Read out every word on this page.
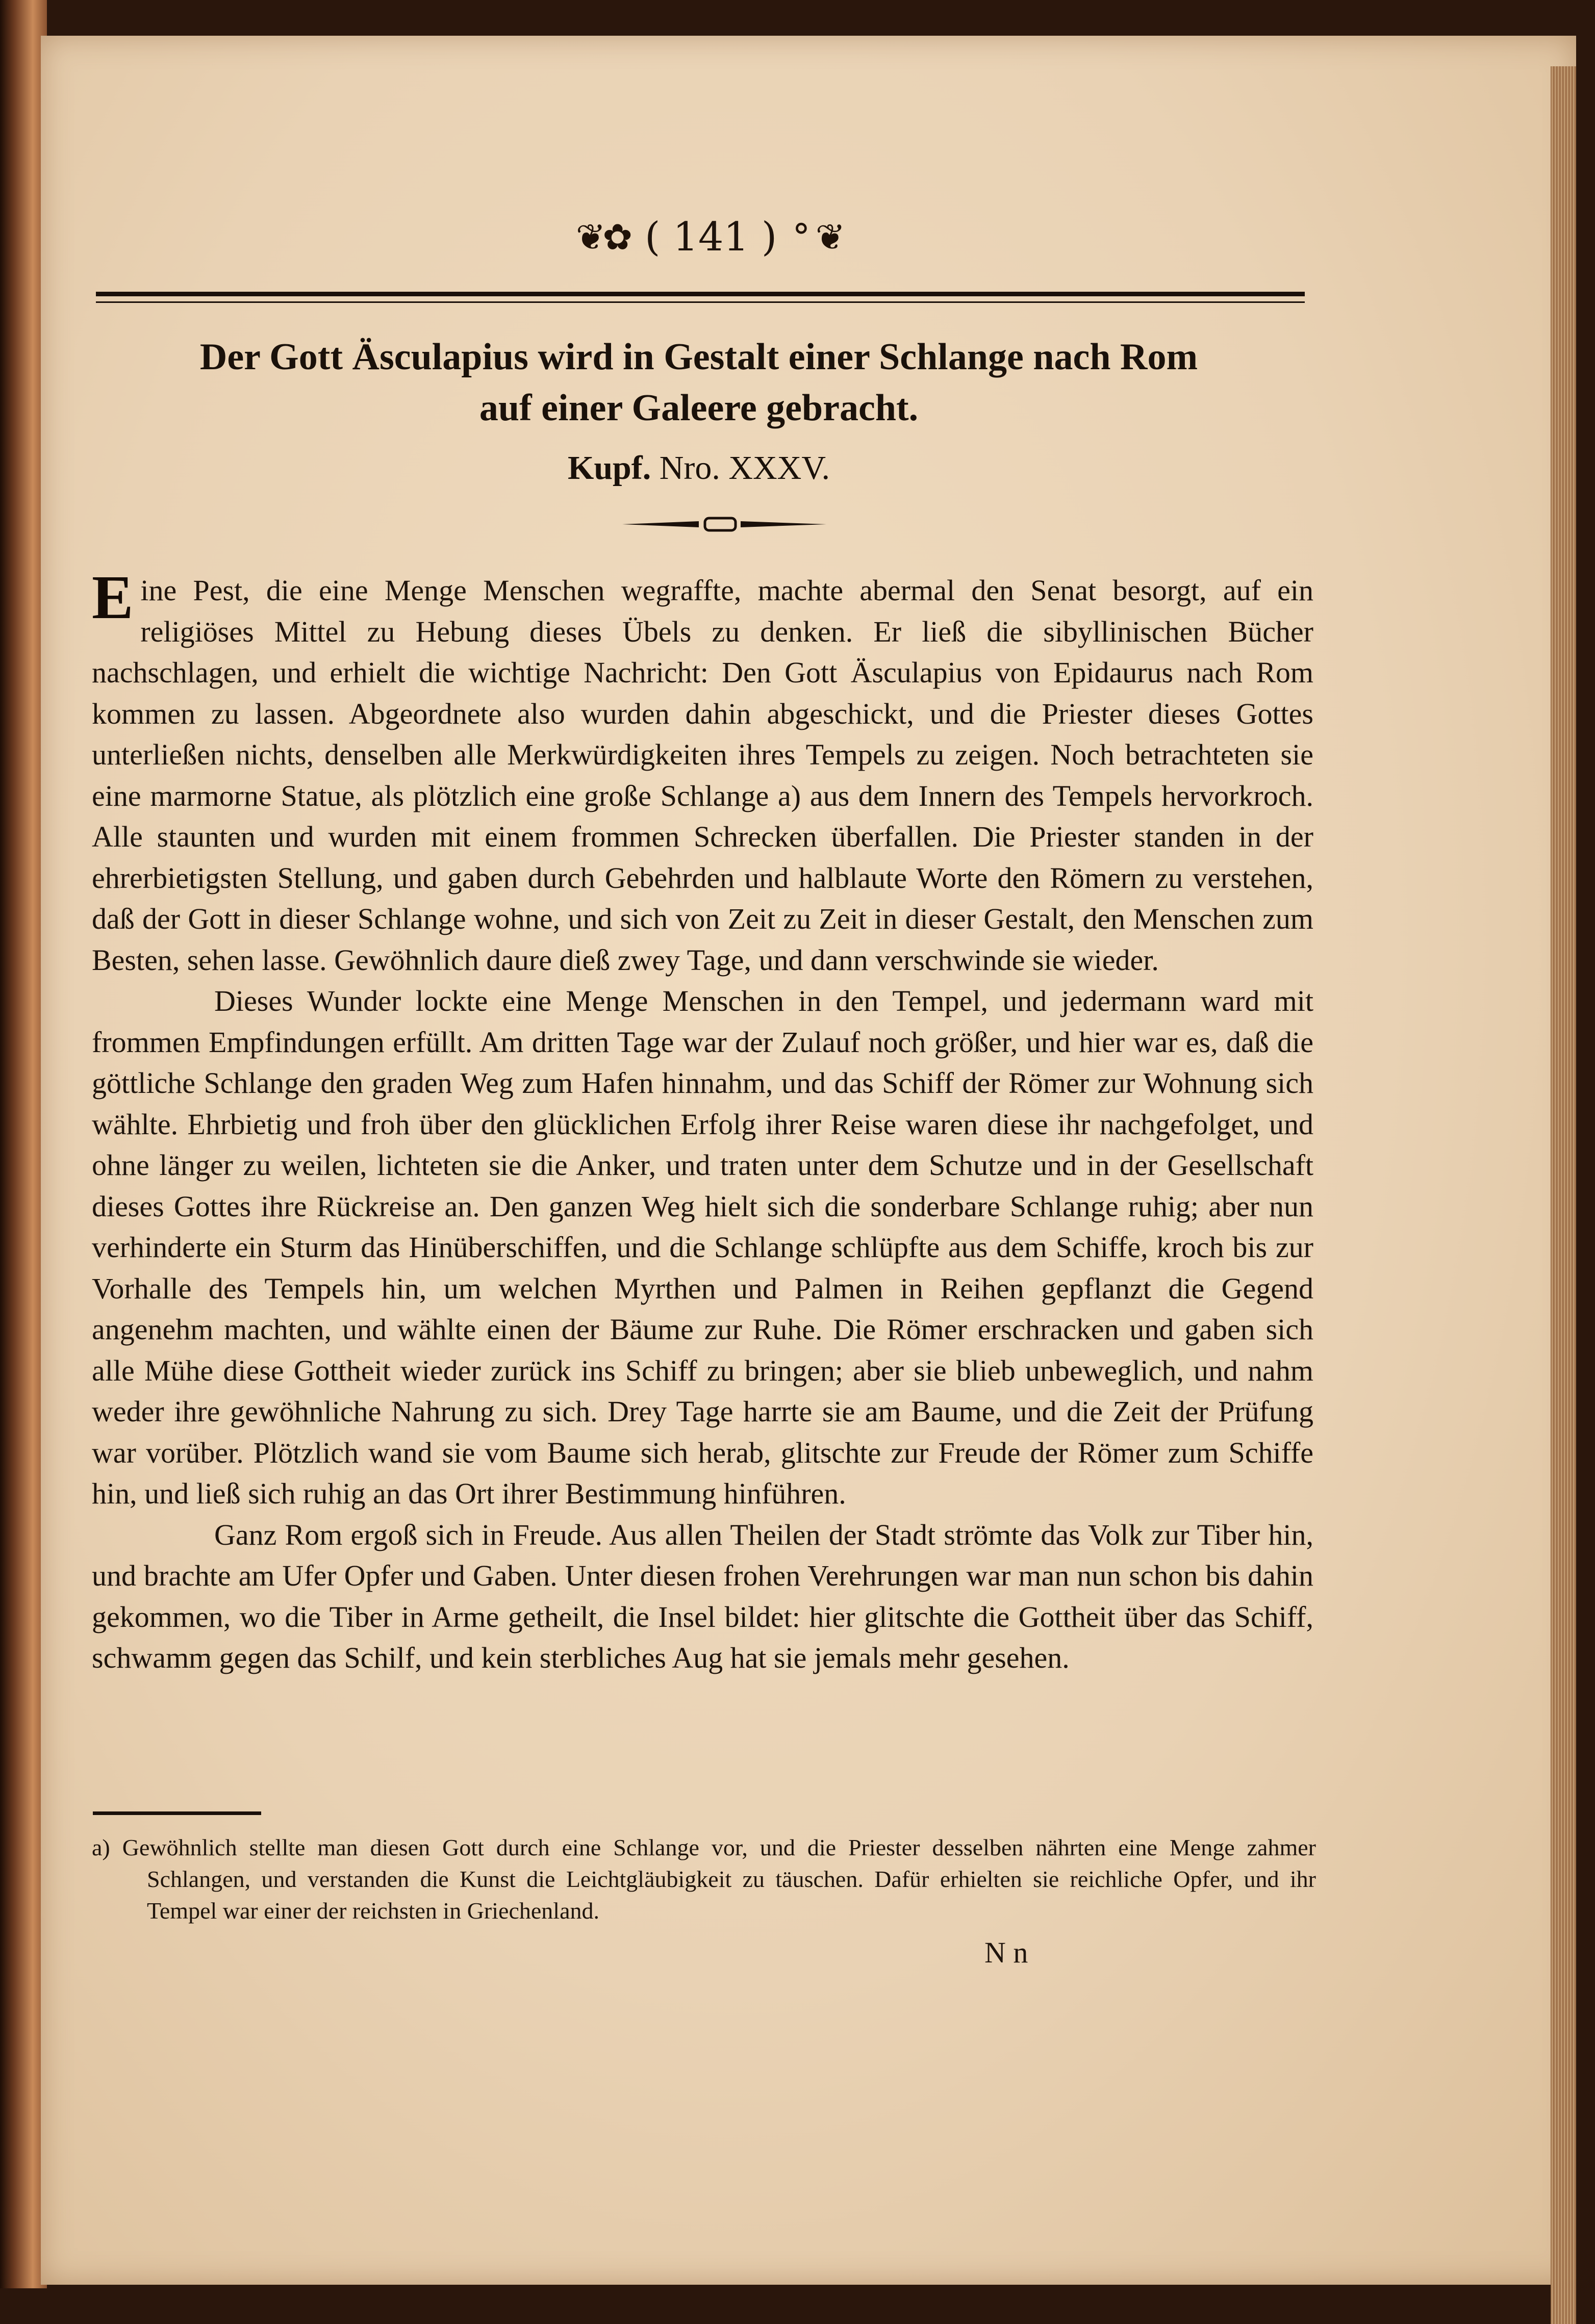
❦✿ ( 141 ) ° ❦
Der Gott Äsculapius wird in Gestalt einer Schlange nach Rom
auf einer Galeere gebracht.
Kupf. Nro. XXXV.

Eine Pest, die eine Menge Menschen wegraffte, machte abermal den Senat besorgt, auf ein religiöses Mittel zu Hebung dieses Übels zu denken. Er ließ die sibyllinischen Bücher nachschlagen, und erhielt die wichtige Nachricht: Den Gott Äsculapius von Epidaurus nach Rom kommen zu lassen. Abgeordnete also wurden dahin abgeschickt, und die Priester dieses Gottes unterließen nichts, denselben alle Merkwürdigkeiten ihres Tempels zu zeigen. Noch betrachteten sie eine marmorne Statue, als plötzlich eine große Schlange a) aus dem Innern des Tempels hervorkroch. Alle staunten und wurden mit einem frommen Schrecken überfallen. Die Priester standen in der ehrerbietigsten Stellung, und gaben durch Gebehrden und halblaute Worte den Römern zu verstehen, daß der Gott in dieser Schlange wohne, und sich von Zeit zu Zeit in dieser Gestalt, den Menschen zum Besten, sehen lasse. Gewöhnlich daure dieß zwey Tage, und dann verschwinde sie wieder.

Dieses Wunder lockte eine Menge Menschen in den Tempel, und jedermann ward mit frommen Empfindungen erfüllt. Am dritten Tage war der Zulauf noch größer, und hier war es, daß die göttliche Schlange den graden Weg zum Hafen hinnahm, und das Schiff der Römer zur Wohnung sich wählte. Ehrbietig und froh über den glücklichen Erfolg ihrer Reise waren diese ihr nachgefolget, und ohne länger zu weilen, lichteten sie die Anker, und traten unter dem Schutze und in der Gesellschaft dieses Gottes ihre Rückreise an. Den ganzen Weg hielt sich die sonderbare Schlange ruhig; aber nun verhinderte ein Sturm das Hinüberschiffen, und die Schlange schlüpfte aus dem Schiffe, kroch bis zur Vorhalle des Tempels hin, um welchen Myrthen und Palmen in Reihen gepflanzt die Gegend angenehm machten, und wählte einen der Bäume zur Ruhe. Die Römer erschracken und gaben sich alle Mühe diese Gottheit wieder zurück ins Schiff zu bringen; aber sie blieb unbeweglich, und nahm weder ihre gewöhnliche Nahrung zu sich. Drey Tage harrte sie am Baume, und die Zeit der Prüfung war vorüber. Plötzlich wand sie vom Baume sich herab, glitschte zur Freude der Römer zum Schiffe hin, und ließ sich ruhig an das Ort ihrer Bestimmung hinführen.

Ganz Rom ergoß sich in Freude. Aus allen Theilen der Stadt strömte das Volk zur Tiber hin, und brachte am Ufer Opfer und Gaben. Unter diesen frohen Verehrungen war man nun schon bis dahin gekommen, wo die Tiber in Arme getheilt, die Insel bildet: hier glitschte die Gottheit über das Schiff, schwamm gegen das Schilf, und kein sterbliches Aug hat sie jemals mehr gesehen.

a) Gewöhnlich stellte man diesen Gott durch eine Schlange vor, und die Priester desselben nährten eine Menge zahmer Schlangen, und verstanden die Kunst die Leichtgläubigkeit zu täuschen. Dafür erhielten sie reichliche Opfer, und ihr Tempel war einer der reichsten in Griechenland.

N n
